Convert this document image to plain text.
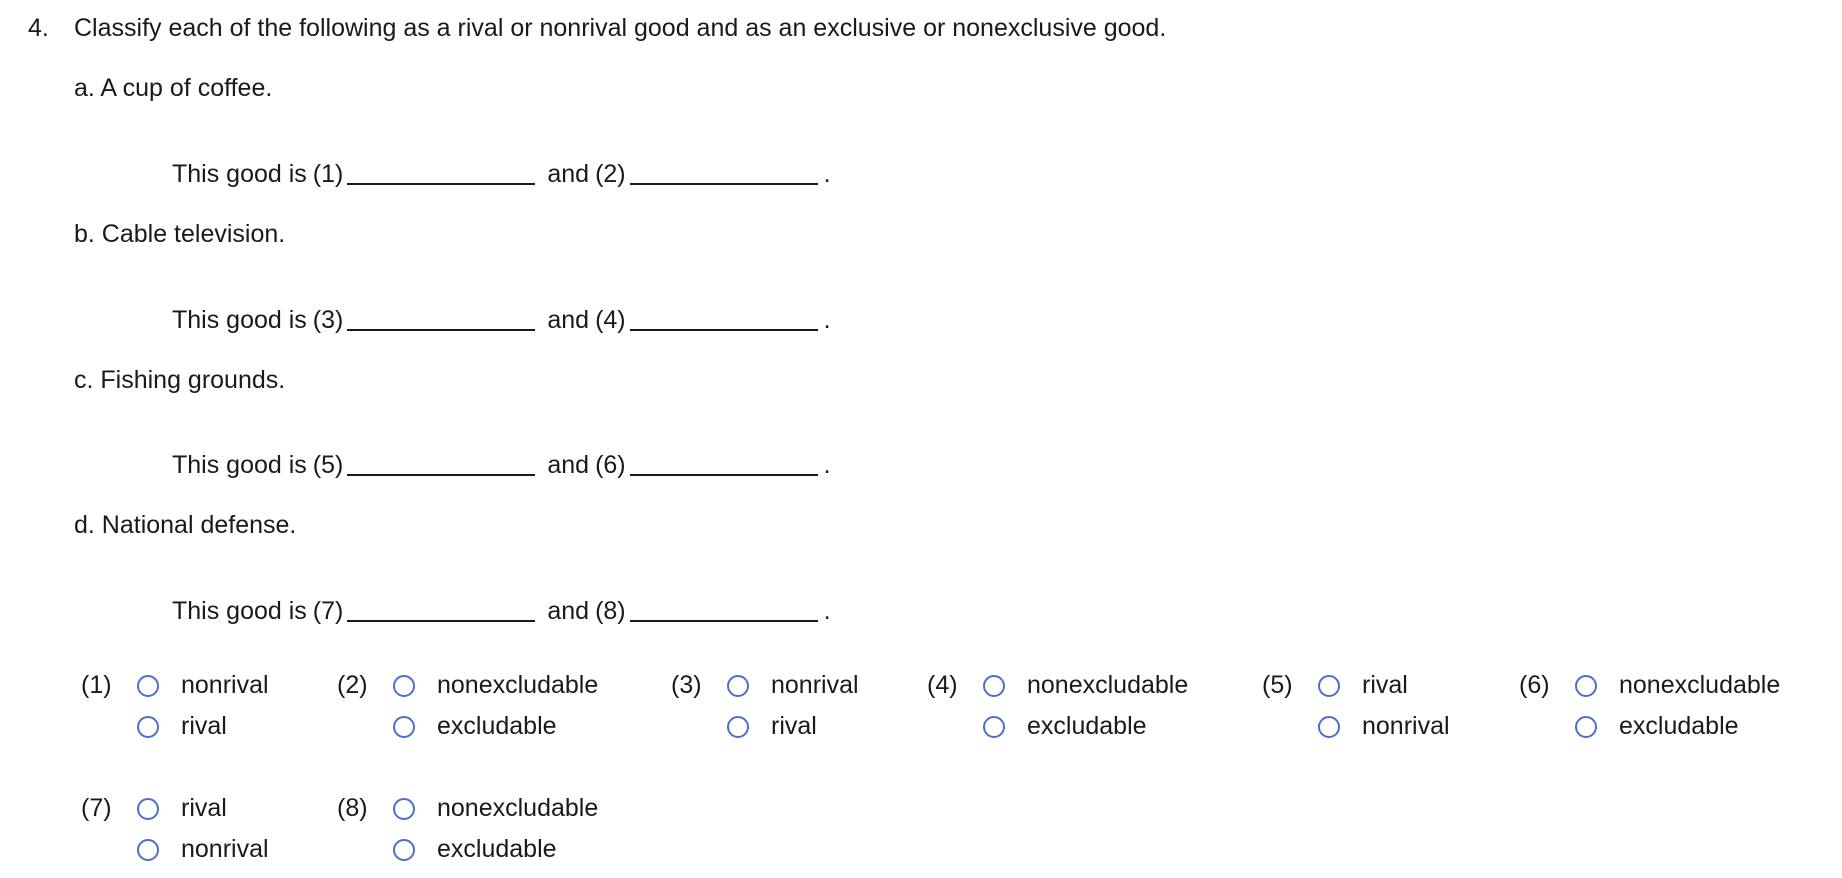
4. Classify each of the following as a rival or nonrival good and as an exclusive or nonexclusive good.
a. A cup of coffee.
This good is (1)	and (2)	.
b. Cable television.
This good is (3)	and (4)	.
c. Fishing grounds.
This good is (5)	and (6)	.
d. National defense.
This good is (7)	and (8)	.
(1)	nonrival
rival
(2)	nonexcludable
excludable
(3)	nonrival
rival
(4)	nonexcludable
excludable
(5)	rival
nonrival
(6)	nonexcludable
excludable
(7)	rival
nonrival
(8)	nonexcludable
excludable
